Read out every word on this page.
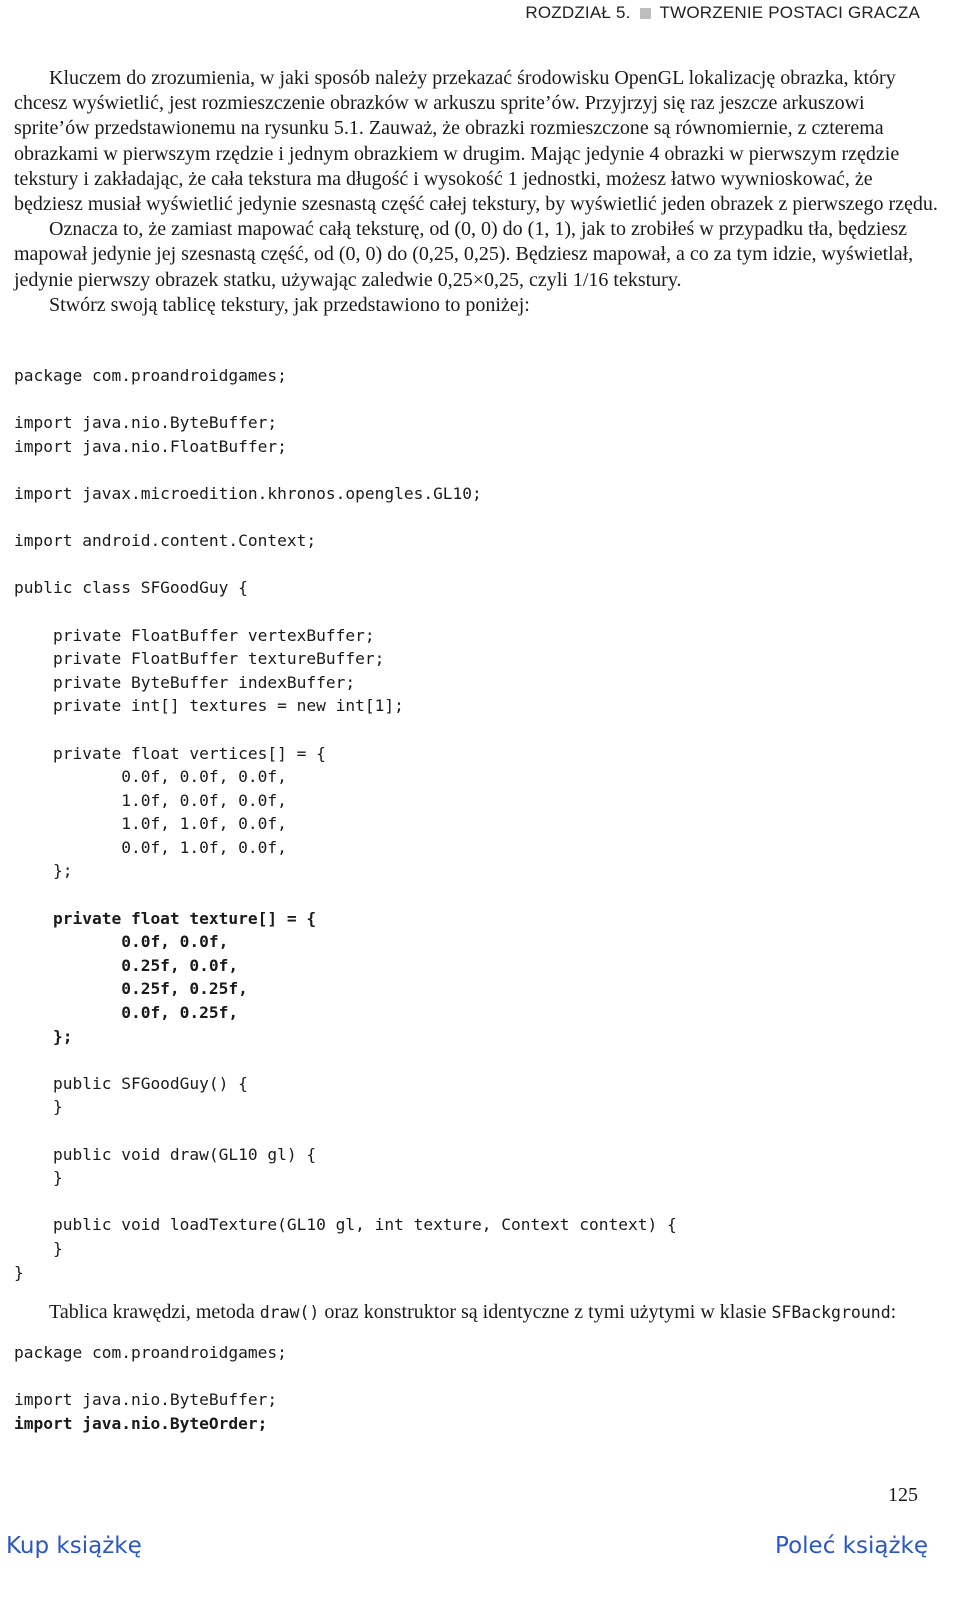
ROZDZIAŁ 5. TWORZENIE POSTACI GRACZA

Kluczem do zrozumienia, w jaki sposób należy przekazać środowisku OpenGL lokalizację obrazka, który chcesz wyświetlić, jest rozmieszczenie obrazków w arkuszu sprite’ów. Przyjrzyj się raz jeszcze arkuszowi sprite’ów przedstawionemu na rysunku 5.1. Zauważ, że obrazki rozmieszczone są równomiernie, z czterema obrazkami w pierwszym rzędzie i jednym obrazkiem w drugim. Mając jedynie 4 obrazki w pierwszym rzędzie tekstury i zakładając, że cała tekstura ma długość i wysokość 1 jednostki, możesz łatwo wywnioskować, że będziesz musiał wyświetlić jedynie szesnastą część całej tekstury, by wyświetlić jeden obrazek z pierwszego rzędu.

Oznacza to, że zamiast mapować całą teksturę, od (0, 0) do (1, 1), jak to zrobiłeś w przypadku tła, będziesz mapował jedynie jej szesnastą część, od (0, 0) do (0,25, 0,25). Będziesz mapował, a co za tym idzie, wyświetlał, jedynie pierwszy obrazek statku, używając zaledwie 0,25×0,25, czyli 1/16 tekstury.

Stwórz swoją tablicę tekstury, jak przedstawiono to poniżej:

package com.proandroidgames;
import java.nio.ByteBuffer;
import java.nio.FloatBuffer;
import javax.microedition.khronos.opengles.GL10;
import android.content.Context;
public class SFGoodGuy {
private FloatBuffer vertexBuffer;
private FloatBuffer textureBuffer;
private ByteBuffer indexBuffer;
private int[] textures = new int[1];
private float vertices[] = {
0.0f, 0.0f, 0.0f,
1.0f, 0.0f, 0.0f,
1.0f, 1.0f, 0.0f,
0.0f, 1.0f, 0.0f,
};
private float texture[] = {
0.0f, 0.0f,
0.25f, 0.0f,
0.25f, 0.25f,
0.0f, 0.25f,
};
public SFGoodGuy() {
}
public void draw(GL10 gl) {
}
public void loadTexture(GL10 gl, int texture, Context context) {
}
}

Tablica krawędzi, metoda draw() oraz konstruktor są identyczne z tymi użytymi w klasie SFBackground:

package com.proandroidgames;
import java.nio.ByteBuffer;
import java.nio.ByteOrder;
125
Kup książkę	Poleć książkę
